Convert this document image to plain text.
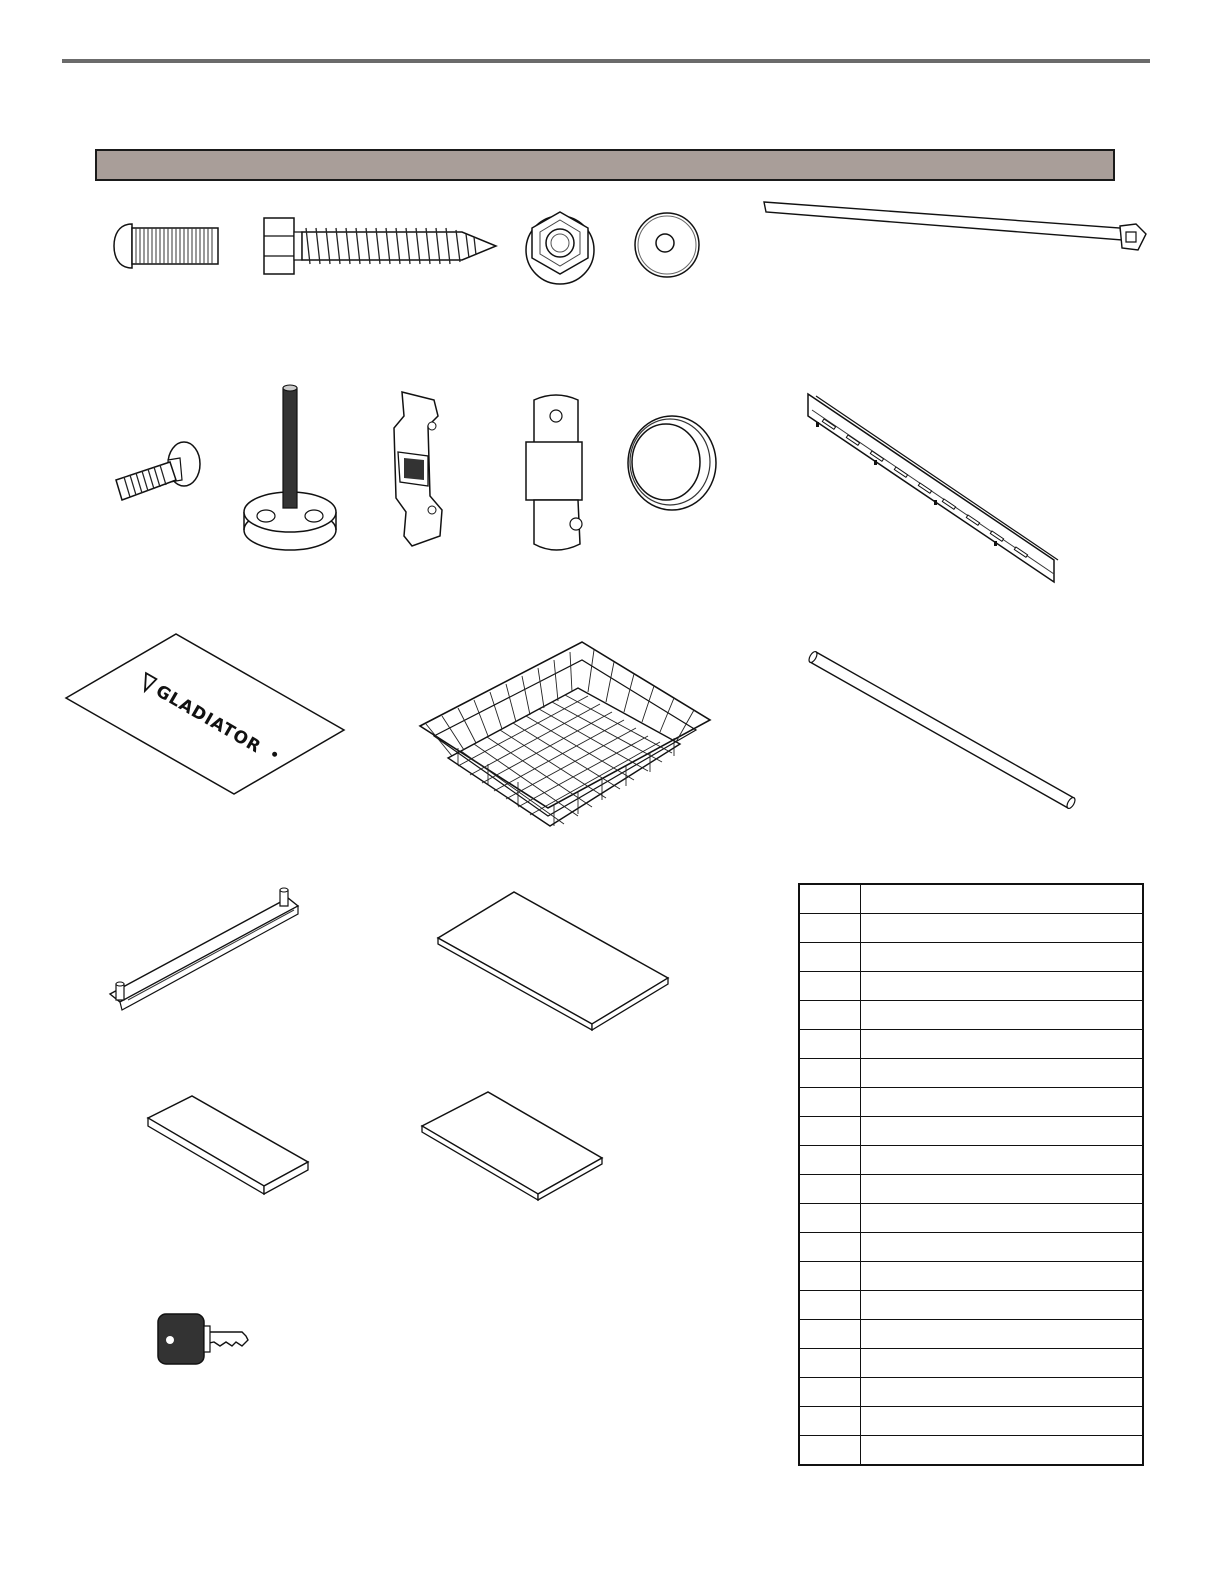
GLADIATOR
